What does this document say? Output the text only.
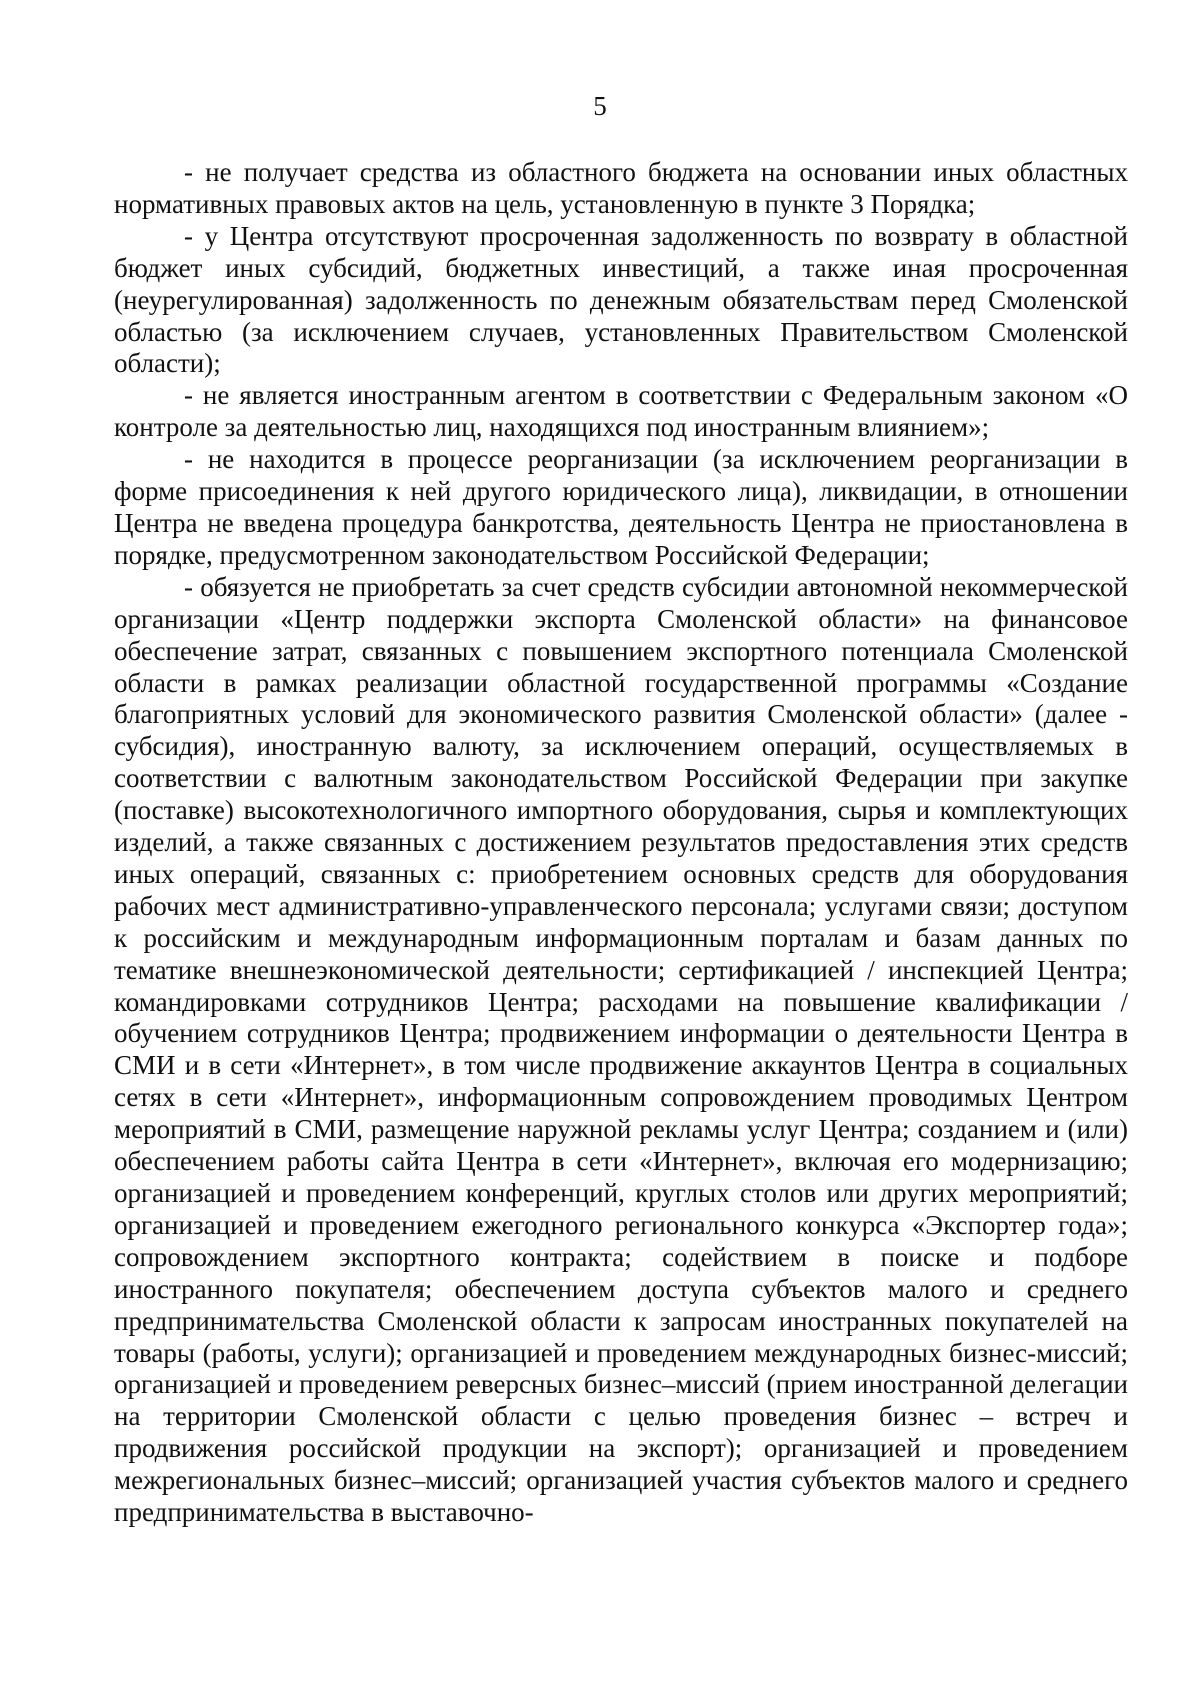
5

- не получает средства из областного бюджета на основании иных областных нормативных правовых актов на цель, установленную в пункте 3 Порядка;

- у Центра отсутствуют просроченная задолженность по возврату в областной бюджет иных субсидий, бюджетных инвестиций, а также иная просроченная (неурегулированная) задолженность по денежным обязательствам перед Смоленской областью (за исключением случаев, установленных Правительством Смоленской области);

- не является иностранным агентом в соответствии с Федеральным законом «О контроле за деятельностью лиц, находящихся под иностранным влиянием»;

- не находится в процессе реорганизации (за исключением реорганизации в форме присоединения к ней другого юридического лица), ликвидации, в отношении Центра не введена процедура банкротства, деятельность Центра не приостановлена в порядке, предусмотренном законодательством Российской Федерации;

- обязуется не приобретать за счет средств субсидии автономной некоммерческой организации «Центр поддержки экспорта Смоленской области» на финансовое обеспечение затрат, связанных с повышением экспортного потенциала Смоленской области в рамках реализации областной государственной программы «Создание благоприятных условий для экономического развития Смоленской области» (далее - субсидия), иностранную валюту, за исключением операций, осуществляемых в соответствии с валютным законодательством Российской Федерации при закупке (поставке) высокотехнологичного импортного оборудования, сырья и комплектующих изделий, а также связанных с достижением результатов предоставления этих средств иных операций, связанных с: приобретением основных средств для оборудования рабочих мест административно-управленческого персонала; услугами связи; доступом к российским и международным информационным порталам и базам данных по тематике внешнеэкономической деятельности; сертификацией / инспекцией Центра; командировками сотрудников Центра; расходами на повышение квалификации / обучением сотрудников Центра; продвижением информации о деятельности Центра в СМИ и в сети «Интернет», в том числе продвижение аккаунтов Центра в социальных сетях в сети «Интернет», информационным сопровождением проводимых Центром мероприятий в СМИ, размещение наружной рекламы услуг Центра; созданием и (или) обеспечением работы сайта Центра в сети «Интернет», включая его модернизацию; организацией и проведением конференций, круглых столов или других мероприятий; организацией и проведением ежегодного регионального конкурса «Экспортер года»; сопровождением экспортного контракта; содействием в поиске и подборе иностранного покупателя; обеспечением доступа субъектов малого и среднего предпринимательства Смоленской области к запросам иностранных покупателей на товары (работы, услуги); организацией и проведением международных бизнес-миссий; организацией и проведением реверсных бизнес–миссий (прием иностранной делегации на территории Смоленской области с целью проведения бизнес – встреч и продвижения российской продукции на экспорт); организацией и проведением межрегиональных бизнес–миссий; организацией участия субъектов малого и среднего предпринимательства в выставочно-
